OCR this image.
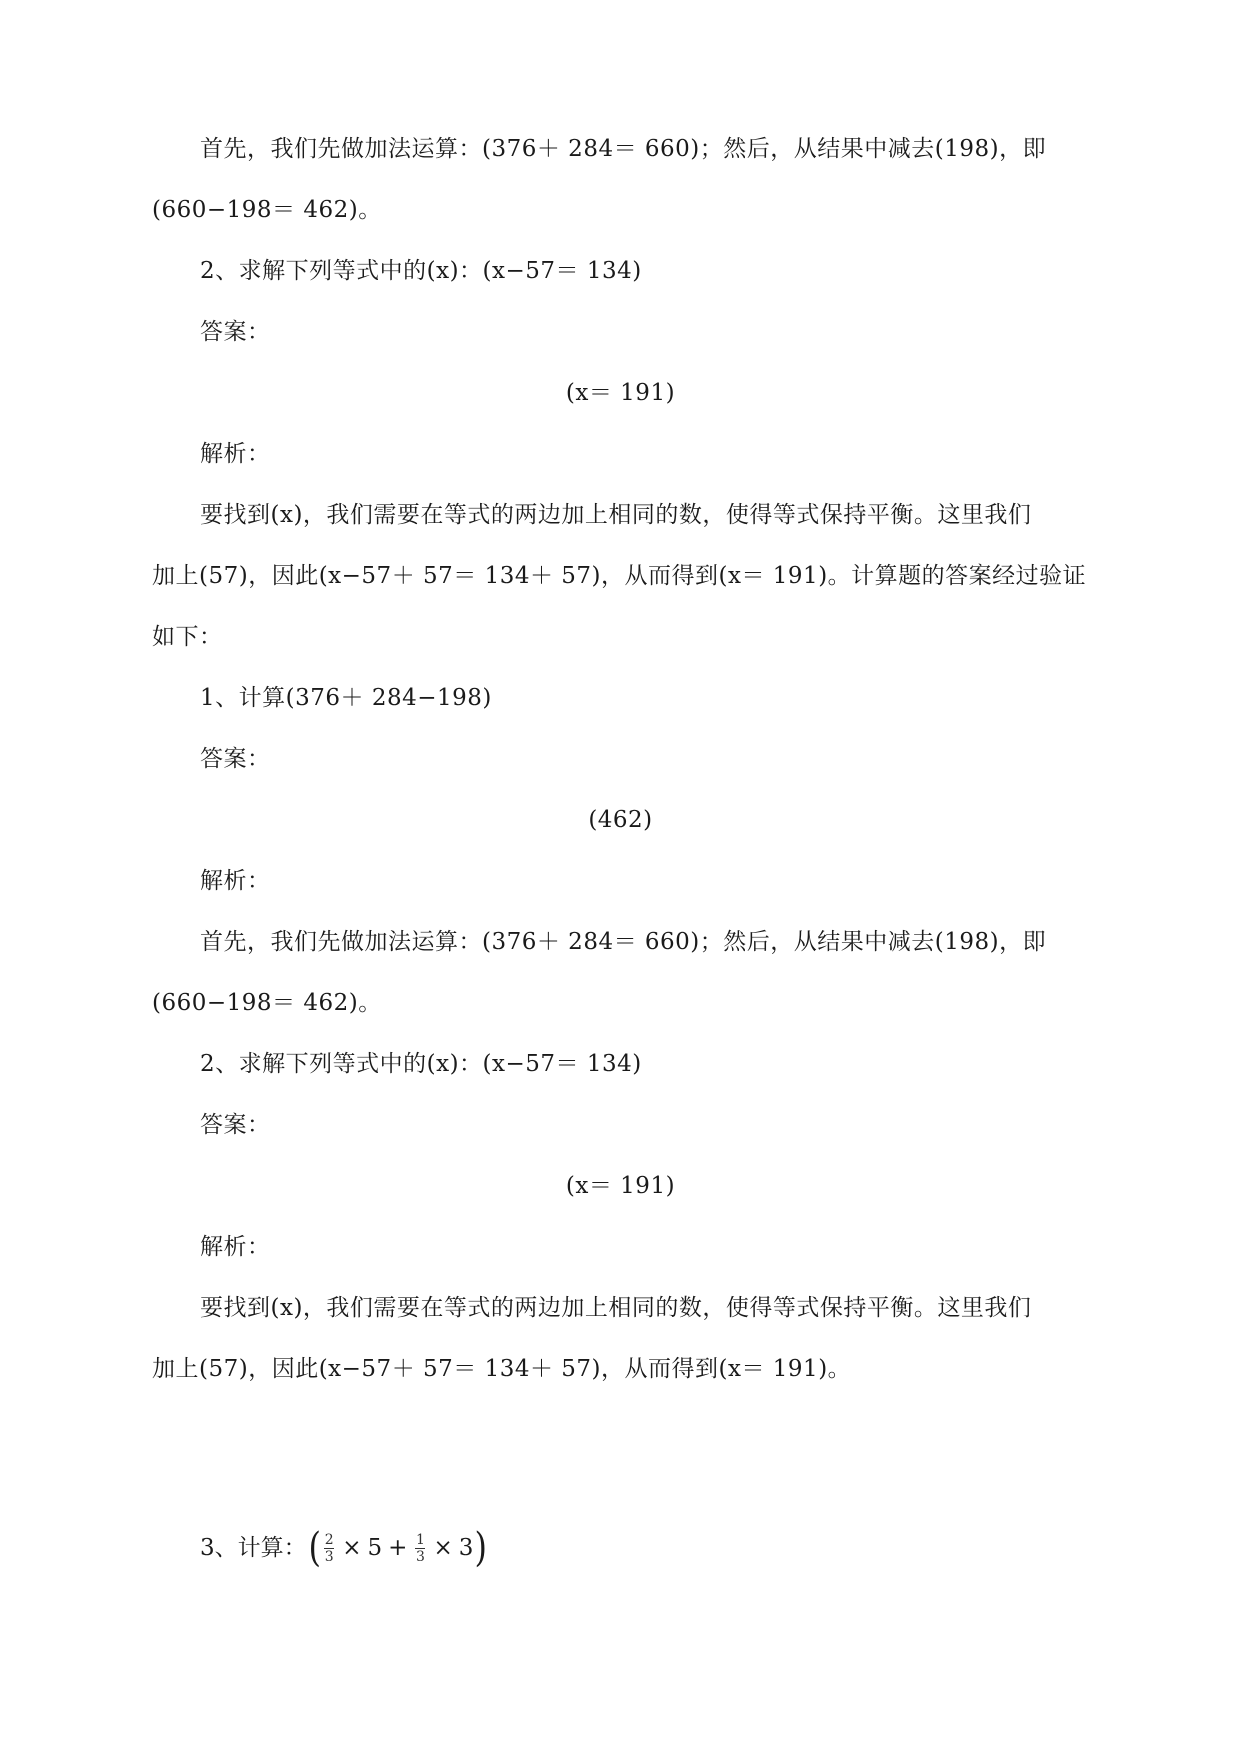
首先，我们先做加法运算：(376＋ 284＝ 660)；然后，从结果中减去(198)，即
(660−198＝ 462)。
2、求解下列等式中的(x)：(x−57＝ 134)
答案：
(x＝ 191)
解析：
要找到(x)，我们需要在等式的两边加上相同的数，使得等式保持平衡。这里我们
加上(57)，因此(x−57＋ 57＝ 134＋ 57)，从而得到(x＝ 191)。计算题的答案经过验证
如下：
1、计算(376＋ 284−198)
答案：
(462)
解析：
首先，我们先做加法运算：(376＋ 284＝ 660)；然后，从结果中减去(198)，即
(660−198＝ 462)。
2、求解下列等式中的(x)：(x−57＝ 134)
答案：
(x＝ 191)
解析：
要找到(x)，我们需要在等式的两边加上相同的数，使得等式保持平衡。这里我们
加上(57)，因此(x−57＋ 57＝ 134＋ 57)，从而得到(x＝ 191)。
3、计算： ( $\frac{2}{3} \times 5 + \frac{1}{3} \times 3$ )
